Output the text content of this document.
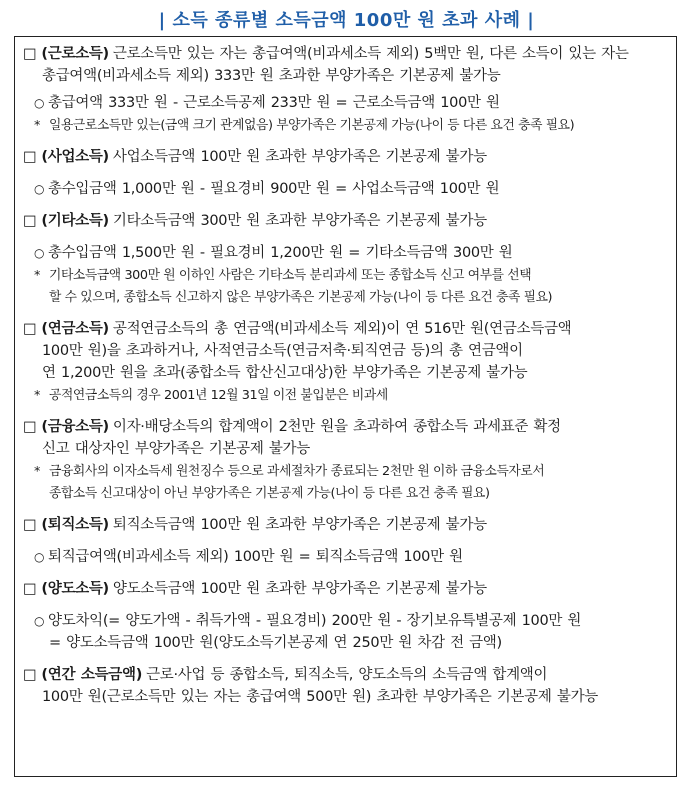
| 소득 종류별 소득금액 100만 원 초과 사례 |
□ (근로소득) 근로소득만 있는 자는 총급여액(비과세소득 제외) 5백만 원, 다른 소득이 있는 자는
총급여액(비과세소득 제외) 333만 원 초과한 부양가족은 기본공제 불가능
○ 총급여액 333만 원 - 근로소득공제 233만 원 = 근로소득금액 100만 원
* 일용근로소득만 있는(금액 크기 관계없음) 부양가족은 기본공제 가능(나이 등 다른 요건 충족 필요)
□ (사업소득) 사업소득금액 100만 원 초과한 부양가족은 기본공제 불가능
○ 총수입금액 1,000만 원 - 필요경비 900만 원 = 사업소득금액 100만 원
□ (기타소득) 기타소득금액 300만 원 초과한 부양가족은 기본공제 불가능
○ 총수입금액 1,500만 원 - 필요경비 1,200만 원 = 기타소득금액 300만 원
* 기타소득금액 300만 원 이하인 사람은 기타소득 분리과세 또는 종합소득 신고 여부를 선택
할 수 있으며, 종합소득 신고하지 않은 부양가족은 기본공제 가능(나이 등 다른 요건 충족 필요)
□ (연금소득) 공적연금소득의 총 연금액(비과세소득 제외)이 연 516만 원(연금소득금액
100만 원)을 초과하거나, 사적연금소득(연금저축·퇴직연금 등)의 총 연금액이
연 1,200만 원을 초과(종합소득 합산신고대상)한 부양가족은 기본공제 불가능
* 공적연금소득의 경우 2001년 12월 31일 이전 불입분은 비과세
□ (금융소득) 이자·배당소득의 합계액이 2천만 원을 초과하여 종합소득 과세표준 확정
신고 대상자인 부양가족은 기본공제 불가능
* 금융회사의 이자소득세 원천징수 등으로 과세절차가 종료되는 2천만 원 이하 금융소득자로서
종합소득 신고대상이 아닌 부양가족은 기본공제 가능(나이 등 다른 요건 충족 필요)
□ (퇴직소득) 퇴직소득금액 100만 원 초과한 부양가족은 기본공제 불가능
○ 퇴직급여액(비과세소득 제외) 100만 원 = 퇴직소득금액 100만 원
□ (양도소득) 양도소득금액 100만 원 초과한 부양가족은 기본공제 불가능
○ 양도차익(= 양도가액 - 취득가액 - 필요경비) 200만 원 - 장기보유특별공제 100만 원
= 양도소득금액 100만 원(양도소득기본공제 연 250만 원 차감 전 금액)
□ (연간 소득금액) 근로·사업 등 종합소득, 퇴직소득, 양도소득의 소득금액 합계액이
100만 원(근로소득만 있는 자는 총급여액 500만 원) 초과한 부양가족은 기본공제 불가능
